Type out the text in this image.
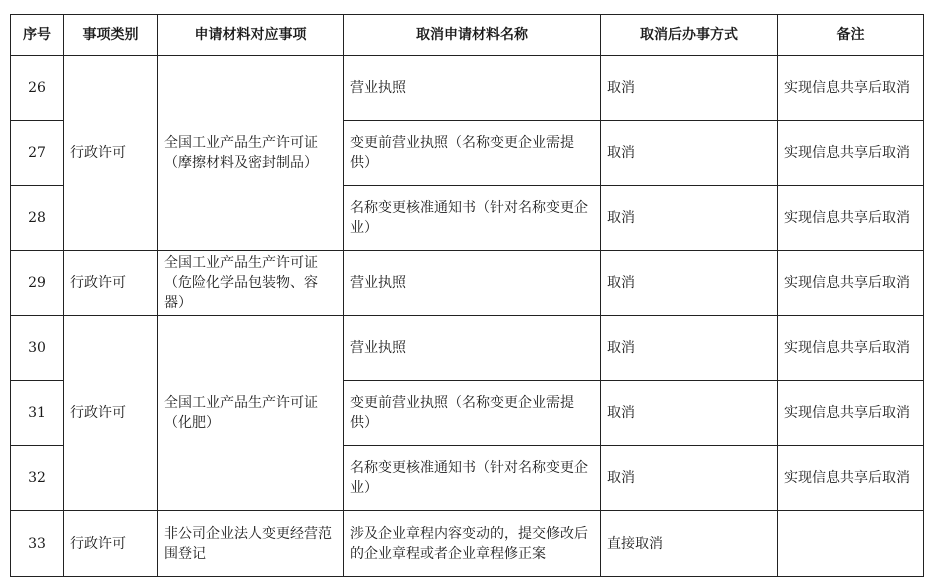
序号	事项类别	申请材料对应事项	取消申请材料名称	取消后办事方式	备注
26	行政许可	全国工业产品生产许可证（摩擦材料及密封制品）	营业执照	取消	实现信息共享后取消
27			变更前营业执照（名称变更企业需提供）	取消	实现信息共享后取消
28			名称变更核准通知书（针对名称变更企业）	取消	实现信息共享后取消
29	行政许可	全国工业产品生产许可证（危险化学品包装物、容器）	营业执照	取消	实现信息共享后取消
30	行政许可	全国工业产品生产许可证（化肥）	营业执照	取消	实现信息共享后取消
31			变更前营业执照（名称变更企业需提供）	取消	实现信息共享后取消
32			名称变更核准通知书（针对名称变更企业）	取消	实现信息共享后取消
33	行政许可	非公司企业法人变更经营范围登记	涉及企业章程内容变动的，提交修改后的企业章程或者企业章程修正案	直接取消	
